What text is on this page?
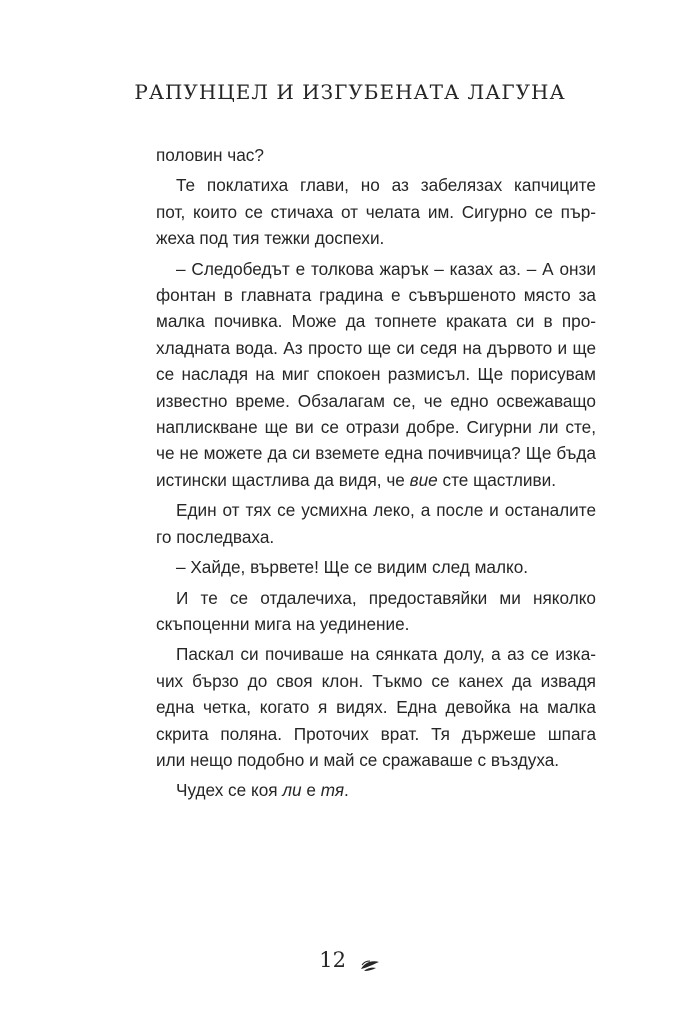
РАПУНЦЕЛ И ИЗГУБЕНАТА ЛАГУНА
половин час?
Те поклатиха глави, но аз забелязах капчиците
пот, които се стичаха от челата им. Сигурно се пър-
жеха под тия тежки доспехи.
– Следобедът е толкова жарък – казах аз. – А онзи
фонтан в главната градина е съвършеното място за
малка почивка. Може да топнете краката си в про-
хладната вода. Аз просто ще си седя на дървото и ще
се насладя на миг спокоен размисъл. Ще порисувам
известно време. Обзалагам се, че едно освежаващо
наплискване ще ви се отрази добре. Сигурни ли сте,
че не можете да си вземете една почивчица? Ще бъда
истински щастлива да видя, че вие сте щастливи.
Един от тях се усмихна леко, а после и останалите
го последваха.
– Хайде, вървете! Ще се видим след малко.
И те се отдалечиха, предоставяйки ми няколко
скъпоценни мига на уединение.
Паскал си почиваше на сянката долу, а аз се изка-
чих бързо до своя клон. Тъкмо се канех да извадя
една четка, когато я видях. Една девойка на малка
скрита поляна. Проточих врат. Тя държеше шпага
или нещо подобно и май се сражаваше с въздуха.
Чудех се коя ли е тя.
12
